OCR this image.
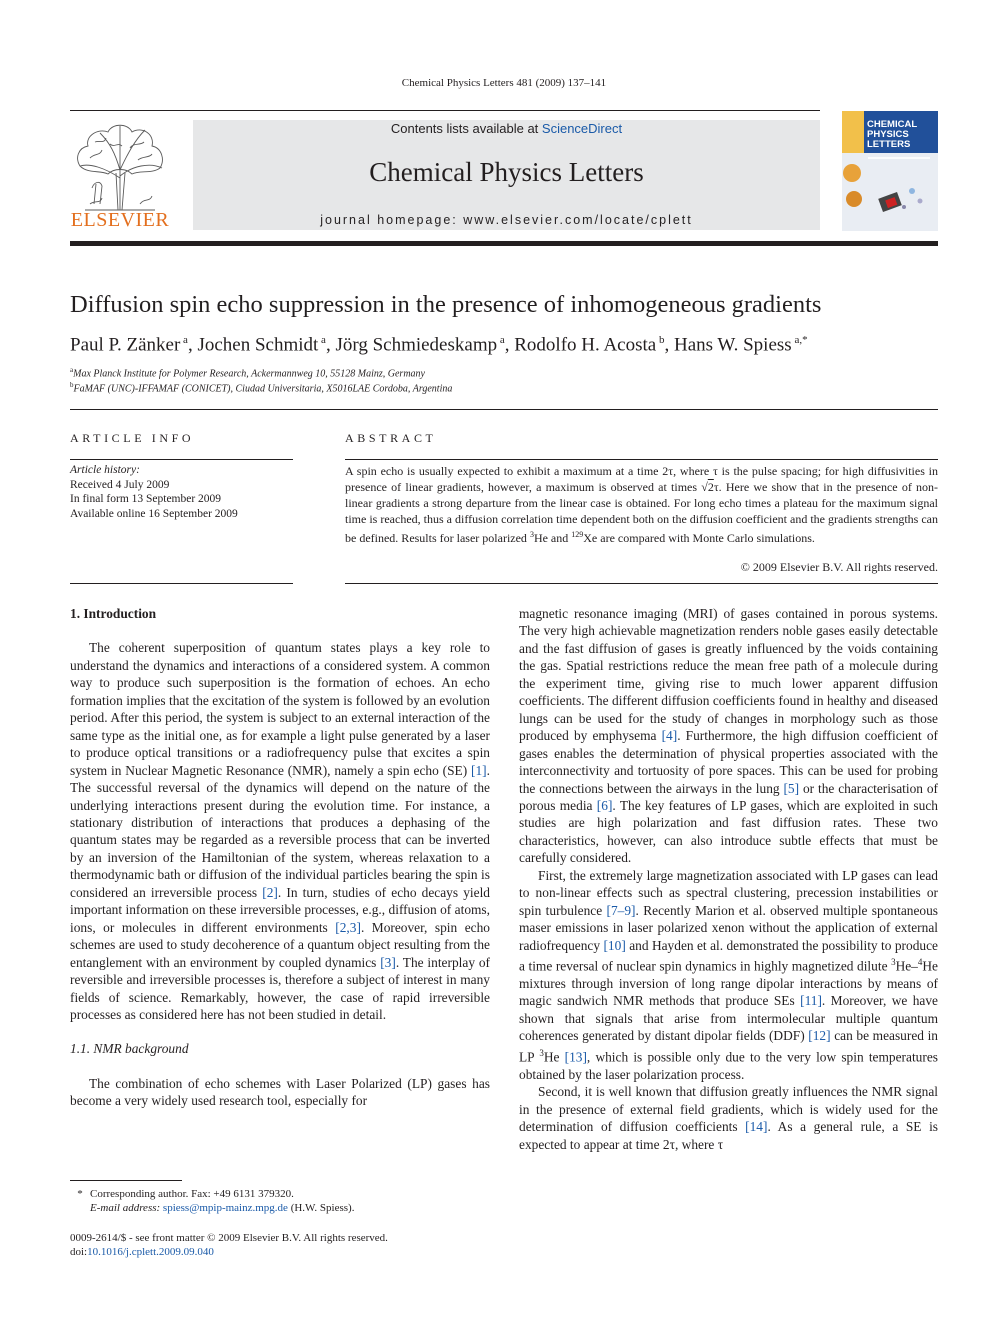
Chemical Physics Letters 481 (2009) 137–141
ELSEVIER
Contents lists available at ScienceDirect
Chemical Physics Letters
journal homepage: www.elsevier.com/locate/cplett
CHEMICAL
PHYSICS
LETTERS
Diffusion spin echo suppression in the presence of inhomogeneous gradients
Paul P. Zänker $^a$, Jochen Schmidt $^a$, Jörg Schmiedeskamp $^a$, Rodolfo H. Acosta $^b$, Hans W. Spiess $^{a,*}$
$^a$Max Planck Institute for Polymer Research, Ackermannweg 10, 55128 Mainz, Germany
$^b$FaMAF (UNC)-IFFAMAF (CONICET), Ciudad Universitaria, X5016LAE Cordoba, Argentina
ARTICLE INFO
Article history:
Received 4 July 2009
In final form 13 September 2009
Available online 16 September 2009
ABSTRACT
A spin echo is usually expected to exhibit a maximum at a time 2τ, where τ is the pulse spacing; for high diffusivities in presence of linear gradients, however, a maximum is observed at times √2τ. Here we show that in the presence of non-linear gradients a strong departure from the linear case is obtained. For long echo times a plateau for the maximum signal time is reached, thus a diffusion correlation time dependent both on the diffusion coefficient and the gradients strengths can be defined. Results for laser polarized $^3$He and $^{129}$Xe are compared with Monte Carlo simulations.
© 2009 Elsevier B.V. All rights reserved.
1. Introduction

The coherent superposition of quantum states plays a key role to understand the dynamics and interactions of a considered system. A common way to produce such superposition is the formation of echoes. An echo formation implies that the excitation of the system is followed by an evolution period. After this period, the system is subject to an external interaction of the same type as the initial one, as for example a light pulse generated by a laser to produce optical transitions or a radiofrequency pulse that excites a spin system in Nuclear Magnetic Resonance (NMR), namely a spin echo (SE) [1]. The successful reversal of the dynamics will depend on the nature of the underlying interactions present during the evolution time. For instance, a stationary distribution of interactions that produces a dephasing of the quantum states may be regarded as a reversible process that can be inverted by an inversion of the Hamiltonian of the system, whereas relaxation to a thermodynamic bath or diffusion of the individual particles bearing the spin is considered an irreversible process [2]. In turn, studies of echo decays yield important information on these irreversible processes, e.g., diffusion of atoms, ions, or molecules in different environments [2,3]. Moreover, spin echo schemes are used to study decoherence of a quantum object resulting from the entanglement with an environment by coupled dynamics [3]. The interplay of reversible and irreversible processes is, therefore a subject of interest in many fields of science. Remarkably, however, the case of rapid irreversible processes as considered here has not been studied in detail.

1.1. NMR background

The combination of echo schemes with Laser Polarized (LP) gases has become a very widely used research tool, especially for

magnetic resonance imaging (MRI) of gases contained in porous systems. The very high achievable magnetization renders noble gases easily detectable and the fast diffusion of gases is greatly influenced by the voids containing the gas. Spatial restrictions reduce the mean free path of a molecule during the experiment time, giving rise to much lower apparent diffusion coefficients. The different diffusion coefficients found in healthy and diseased lungs can be used for the study of changes in morphology such as those produced by emphysema [4]. Furthermore, the high diffusion coefficient of gases enables the determination of physical properties associated with the interconnectivity and tortuosity of pore spaces. This can be used for probing the connections between the airways in the lung [5] or the characterisation of porous media [6]. The key features of LP gases, which are exploited in such studies are high polarization and fast diffusion rates. These two characteristics, however, can also introduce subtle effects that must be carefully considered.

First, the extremely large magnetization associated with LP gases can lead to non-linear effects such as spectral clustering, precession instabilities or spin turbulence [7–9]. Recently Marion et al. observed multiple spontaneous maser emissions in laser polarized xenon without the application of external radiofrequency [10] and Hayden et al. demonstrated the possibility to produce a time reversal of nuclear spin dynamics in highly magnetized dilute $^3$He–$^4$He mixtures through inversion of long range dipolar interactions by means of magic sandwich NMR methods that produce SEs [11]. Moreover, we have shown that signals that arise from intermolecular multiple quantum coherences generated by distant dipolar fields (DDF) [12] can be measured in LP $^3$He [13], which is possible only due to the very low spin temperatures obtained by the laser polarization process.

Second, it is well known that diffusion greatly influences the NMR signal in the presence of external field gradients, which is widely used for the determination of diffusion coefficients [14]. As a general rule, a SE is expected to appear at time 2τ, where τ

* Corresponding author. Fax: +49 6131 379320.
E-mail address: spiess@mpip-mainz.mpg.de (H.W. Spiess).
0009-2614/$ - see front matter © 2009 Elsevier B.V. All rights reserved.
doi:10.1016/j.cplett.2009.09.040
